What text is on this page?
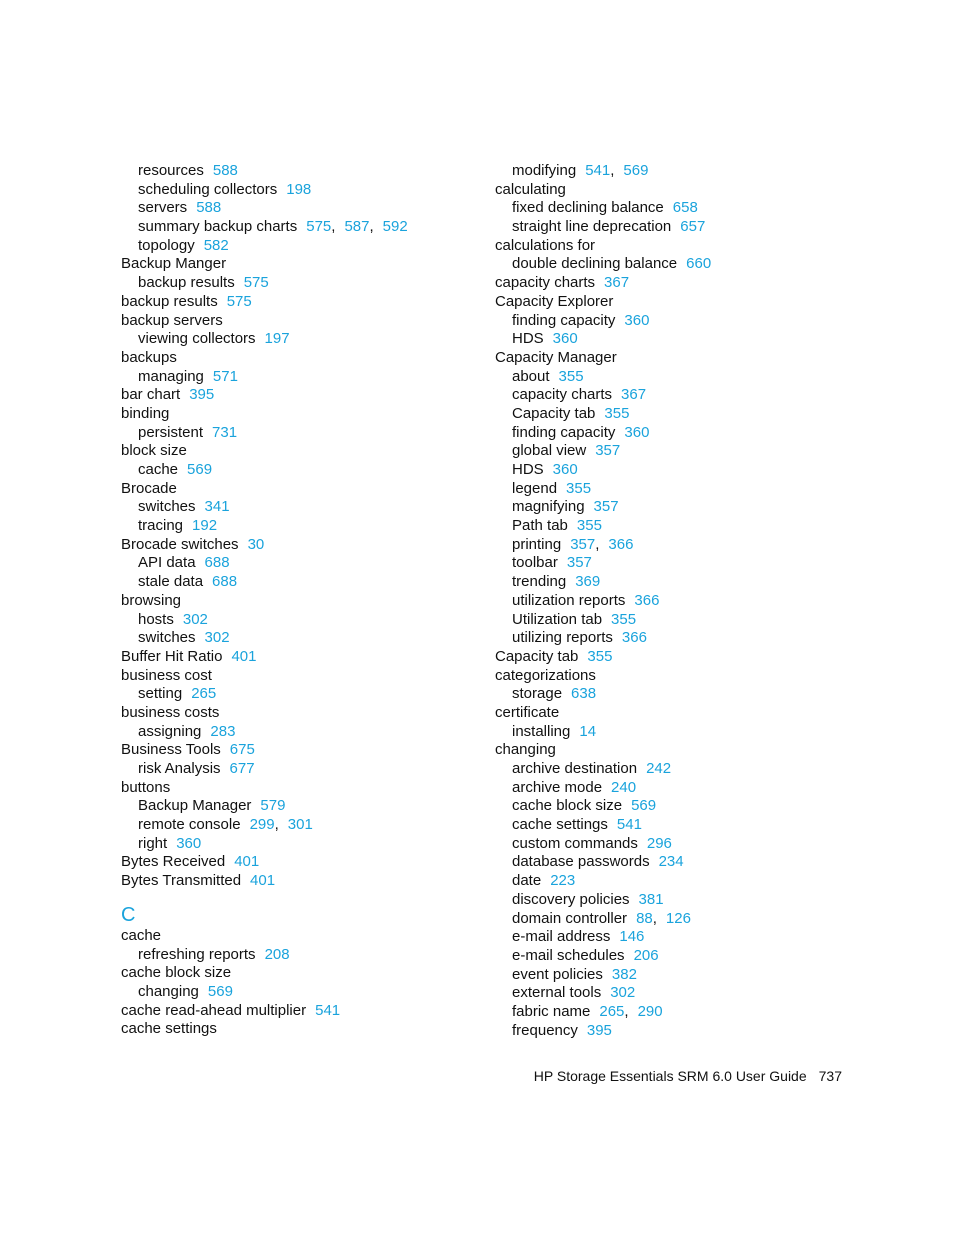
resources 588
scheduling collectors 198
servers 588
summary backup charts 575, 587, 592
topology 582
Backup Manger
backup results 575
backup results 575
backup servers
viewing collectors 197
backups
managing 571
bar chart 395
binding
persistent 731
block size
cache 569
Brocade
switches 341
tracing 192
Brocade switches 30
API data 688
stale data 688
browsing
hosts 302
switches 302
Buffer Hit Ratio 401
business cost
setting 265
business costs
assigning 283
Business Tools 675
risk Analysis 677
buttons
Backup Manager 579
remote console 299, 301
right 360
Bytes Received 401
Bytes Transmitted 401
C
cache
refreshing reports 208
cache block size
changing 569
cache read-ahead multiplier 541
cache settings
modifying 541, 569
calculating
fixed declining balance 658
straight line deprecation 657
calculations for
double declining balance 660
capacity charts 367
Capacity Explorer
finding capacity 360
HDS 360
Capacity Manager
about 355
capacity charts 367
Capacity tab 355
finding capacity 360
global view 357
HDS 360
legend 355
magnifying 357
Path tab 355
printing 357, 366
toolbar 357
trending 369
utilization reports 366
Utilization tab 355
utilizing reports 366
Capacity tab 355
categorizations
storage 638
certificate
installing 14
changing
archive destination 242
archive mode 240
cache block size 569
cache settings 541
custom commands 296
database passwords 234
date 223
discovery policies 381
domain controller 88, 126
e-mail address 146
e-mail schedules 206
event policies 382
external tools 302
fabric name 265, 290
frequency 395
HP Storage Essentials SRM 6.0 User Guide 737
